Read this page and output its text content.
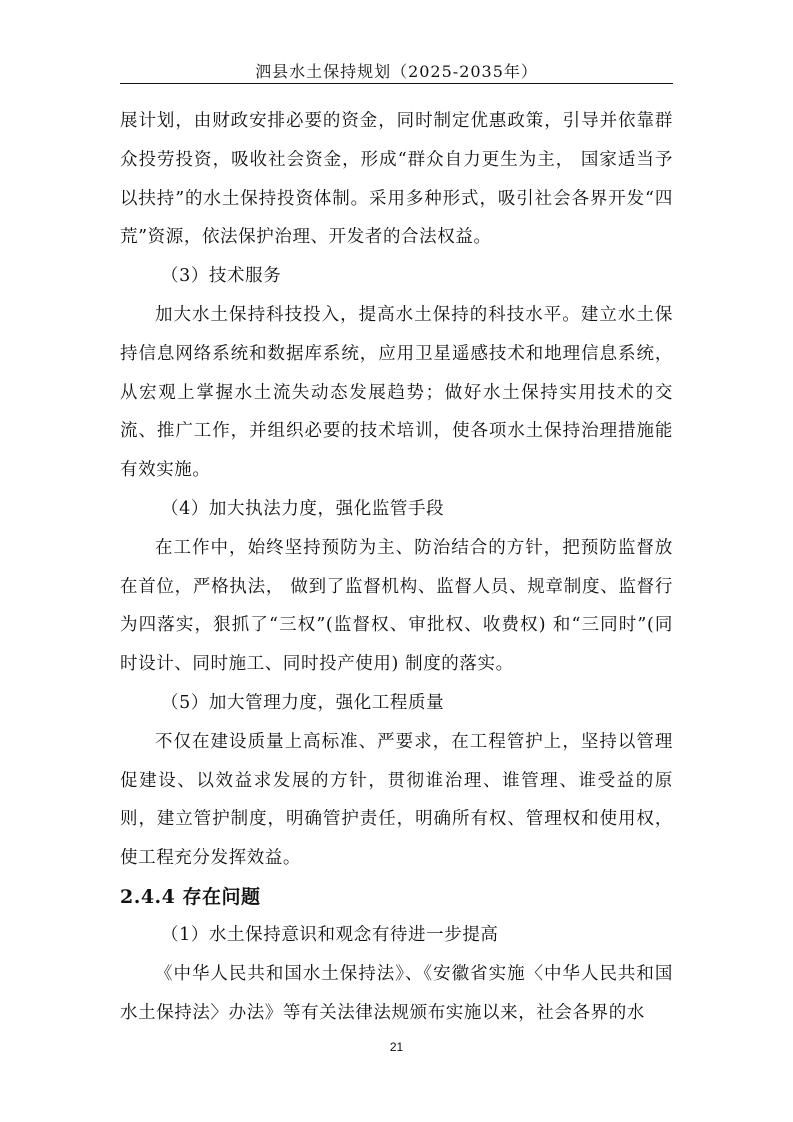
泗县水土保持规划（2025-2035年）

展计划，由财政安排必要的资金，同时制定优惠政策，引导并依靠群众投劳投资，吸收社会资金，形成“群众自力更生为主， 国家适当予以扶持”的水土保持投资体制。采用多种形式，吸引社会各界开发“四荒”资源，依法保护治理、开发者的合法权益。

（3）技术服务

加大水土保持科技投入，提高水土保持的科技水平。建立水土保持信息网络系统和数据库系统，应用卫星遥感技术和地理信息系统，从宏观上掌握水土流失动态发展趋势；做好水土保持实用技术的交流、推广工作，并组织必要的技术培训，使各项水土保持治理措施能有效实施。

（4）加大执法力度，强化监管手段

在工作中，始终坚持预防为主、防治结合的方针，把预防监督放在首位，严格执法， 做到了监督机构、监督人员、规章制度、监督行为四落实，狠抓了“三权”(监督权、审批权、收费权) 和“三同时”(同时设计、同时施工、同时投产使用) 制度的落实。

（5）加大管理力度，强化工程质量

不仅在建设质量上高标准、严要求，在工程管护上，坚持以管理促建设、以效益求发展的方针，贯彻谁治理、谁管理、谁受益的原则，建立管护制度，明确管护责任，明确所有权、管理权和使用权，使工程充分发挥效益。

2.4.4 存在问题

（1）水土保持意识和观念有待进一步提高

《中华人民共和国水土保持法》、《安徽省实施〈中华人民共和国水土保持法〉办法》等有关法律法规颁布实施以来，社会各界的水

21
